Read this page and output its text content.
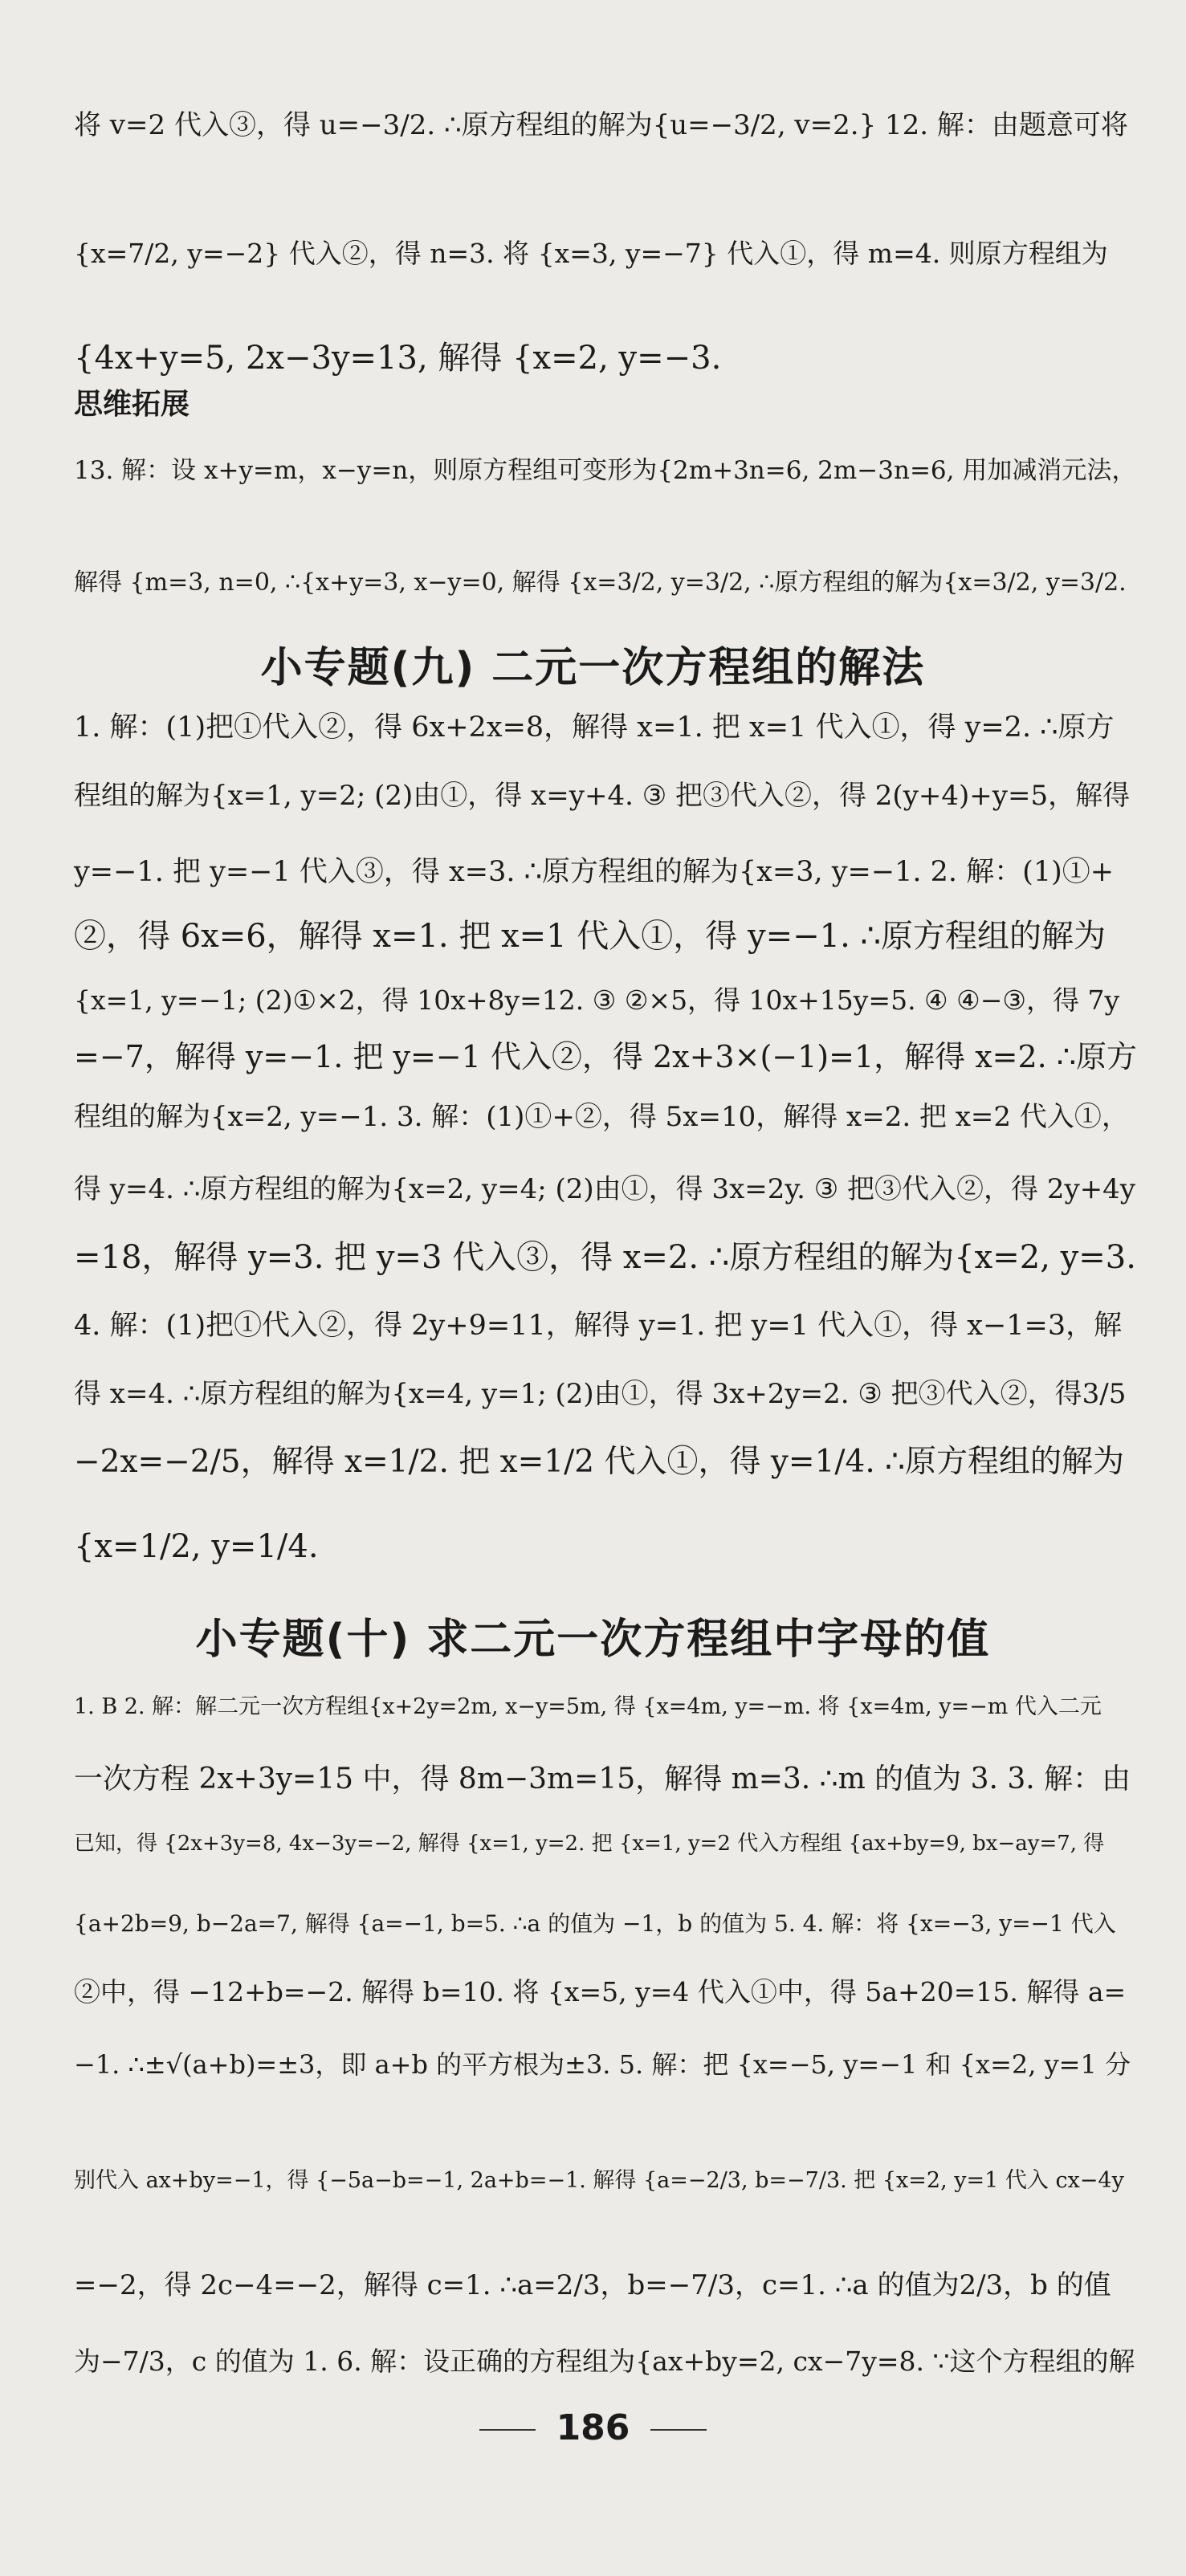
将 v=2 代入③，得 u=−3/2. ∴原方程组的解为{u=−3/2, v=2.} 12. 解：由题意可将
{x=7/2, y=−2} 代入②，得 n=3. 将 {x=3, y=−7} 代入①，得 m=4. 则原方程组为
{4x+y=5, 2x−3y=13, 解得 {x=2, y=−3.
思维拓展
13. 解：设 x+y=m，x−y=n，则原方程组可变形为{2m+3n=6, 2m−3n=6, 用加减消元法，
解得 {m=3, n=0, ∴{x+y=3, x−y=0, 解得 {x=3/2, y=3/2, ∴原方程组的解为{x=3/2, y=3/2.
小专题(九) 二元一次方程组的解法
1. 解：(1)把①代入②，得 6x+2x=8，解得 x=1. 把 x=1 代入①，得 y=2. ∴原方
程组的解为{x=1, y=2; (2)由①，得 x=y+4. ③ 把③代入②，得 2(y+4)+y=5，解得
y=−1. 把 y=−1 代入③，得 x=3. ∴原方程组的解为{x=3, y=−1. 2. 解：(1)①+
②，得 6x=6，解得 x=1. 把 x=1 代入①，得 y=−1. ∴原方程组的解为
{x=1, y=−1; (2)①×2，得 10x+8y=12. ③ ②×5，得 10x+15y=5. ④ ④−③，得 7y
=−7，解得 y=−1. 把 y=−1 代入②，得 2x+3×(−1)=1，解得 x=2. ∴原方
程组的解为{x=2, y=−1. 3. 解：(1)①+②，得 5x=10，解得 x=2. 把 x=2 代入①，
得 y=4. ∴原方程组的解为{x=2, y=4; (2)由①，得 3x=2y. ③ 把③代入②，得 2y+4y
=18，解得 y=3. 把 y=3 代入③，得 x=2. ∴原方程组的解为{x=2, y=3.
4. 解：(1)把①代入②，得 2y+9=11，解得 y=1. 把 y=1 代入①，得 x−1=3，解
得 x=4. ∴原方程组的解为{x=4, y=1; (2)由①，得 3x+2y=2. ③ 把③代入②，得3/5
−2x=−2/5，解得 x=1/2. 把 x=1/2 代入①，得 y=1/4. ∴原方程组的解为
{x=1/2, y=1/4.
小专题(十) 求二元一次方程组中字母的值
1. B 2. 解：解二元一次方程组{x+2y=2m, x−y=5m, 得 {x=4m, y=−m. 将 {x=4m, y=−m 代入二元
一次方程 2x+3y=15 中，得 8m−3m=15，解得 m=3. ∴m 的值为 3. 3. 解：由
已知，得 {2x+3y=8, 4x−3y=−2, 解得 {x=1, y=2. 把 {x=1, y=2 代入方程组 {ax+by=9, bx−ay=7, 得
{a+2b=9, b−2a=7, 解得 {a=−1, b=5. ∴a 的值为 −1，b 的值为 5. 4. 解：将 {x=−3, y=−1 代入
②中，得 −12+b=−2. 解得 b=10. 将 {x=5, y=4 代入①中，得 5a+20=15. 解得 a=
−1. ∴±√(a+b)=±3，即 a+b 的平方根为±3. 5. 解：把 {x=−5, y=−1 和 {x=2, y=1 分
别代入 ax+by=−1，得 {−5a−b=−1, 2a+b=−1. 解得 {a=−2/3, b=−7/3. 把 {x=2, y=1 代入 cx−4y
=−2，得 2c−4=−2，解得 c=1. ∴a=2/3，b=−7/3，c=1. ∴a 的值为2/3，b 的值
为−7/3，c 的值为 1. 6. 解：设正确的方程组为{ax+by=2, cx−7y=8. ∵这个方程组的解
186
